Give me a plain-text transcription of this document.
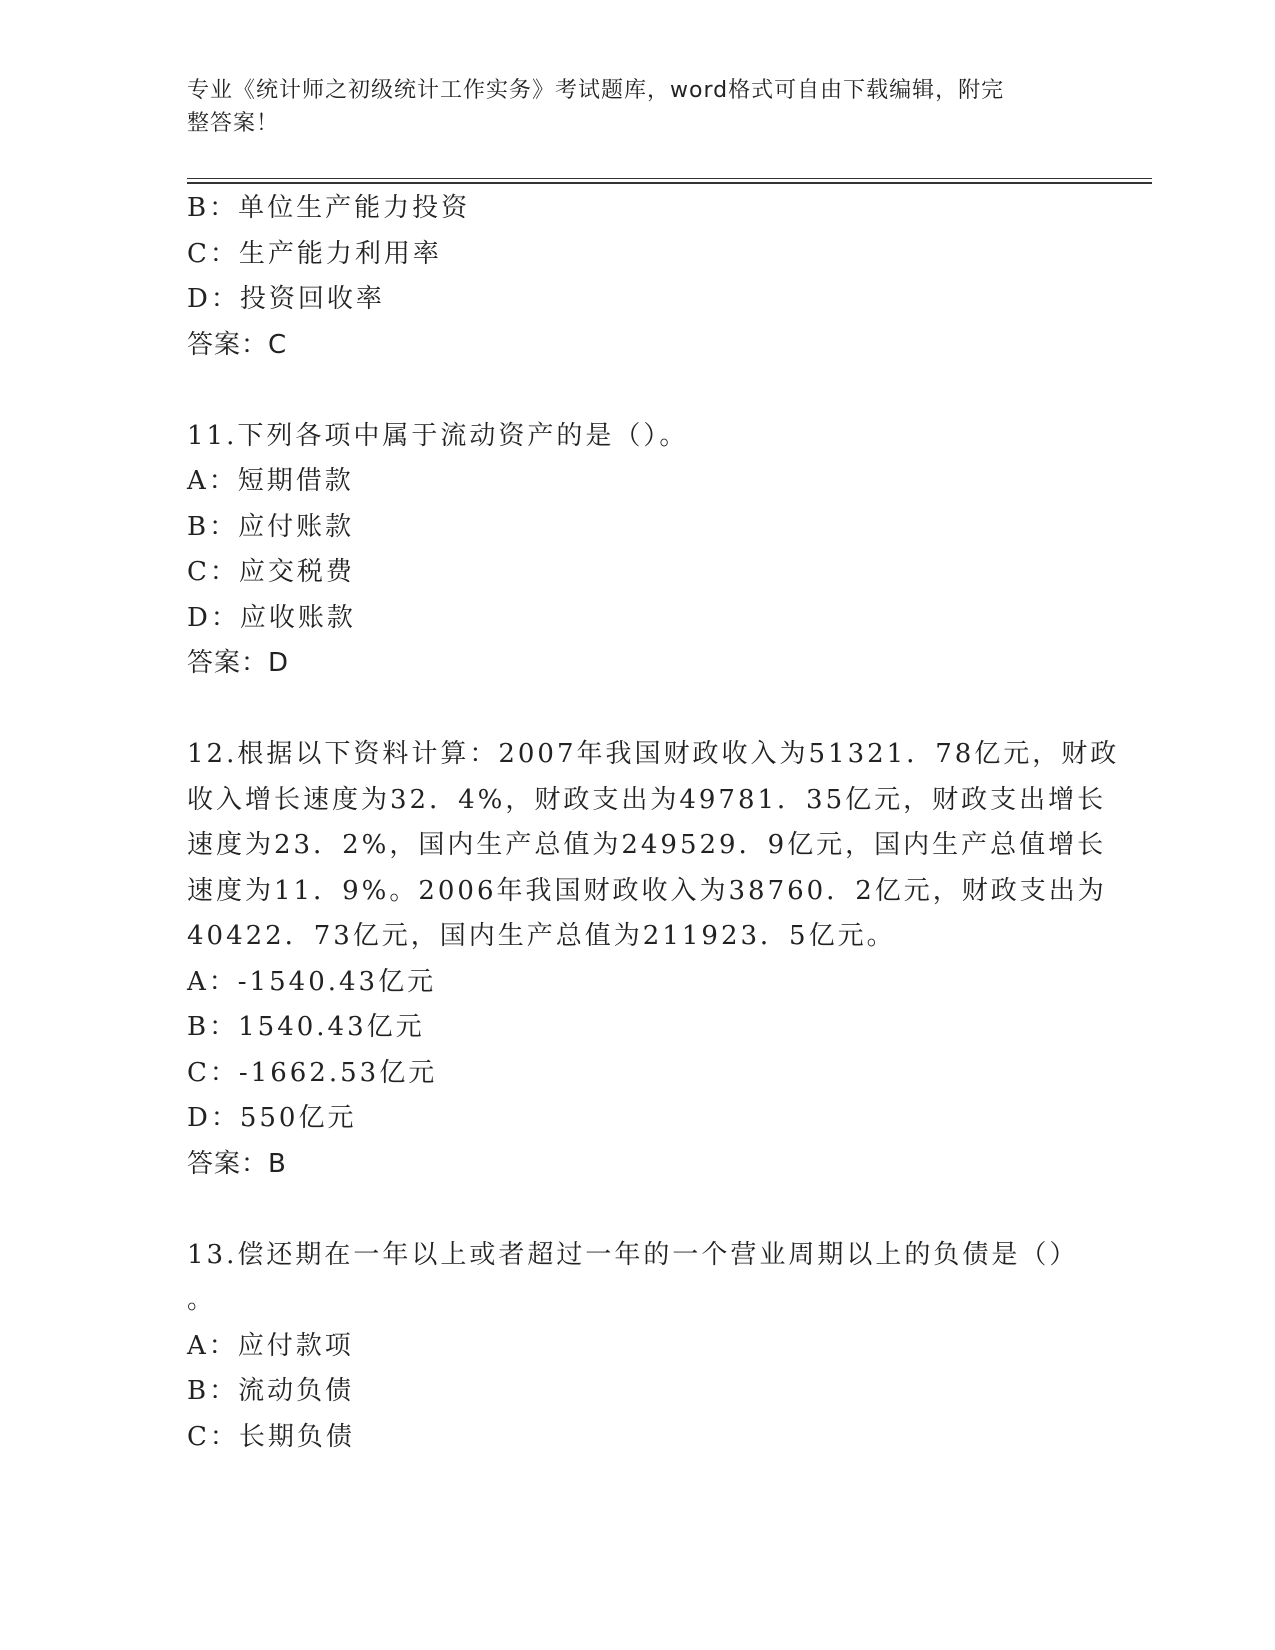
专业《统计师之初级统计工作实务》考试题库，word格式可自由下载编辑，附完
整答案！
B：单位生产能力投资
C：生产能力利用率
D：投资回收率
答案：C
11.下列各项中属于流动资产的是（）。
A：短期借款
B：应付账款
C：应交税费
D：应收账款
答案：D
12.根据以下资料计算：2007年我国财政收入为51321．78亿元，财政
收入增长速度为32．4%，财政支出为49781．35亿元，财政支出增长
速度为23．2%，国内生产总值为249529．9亿元，国内生产总值增长
速度为11．9%。2006年我国财政收入为38760．2亿元，财政支出为
40422．73亿元，国内生产总值为211923．5亿元。
A：-1540.43亿元
B：1540.43亿元
C：-1662.53亿元
D：550亿元
答案：B
13.偿还期在一年以上或者超过一年的一个营业周期以上的负债是（）
。
A：应付款项
B：流动负债
C：长期负债
